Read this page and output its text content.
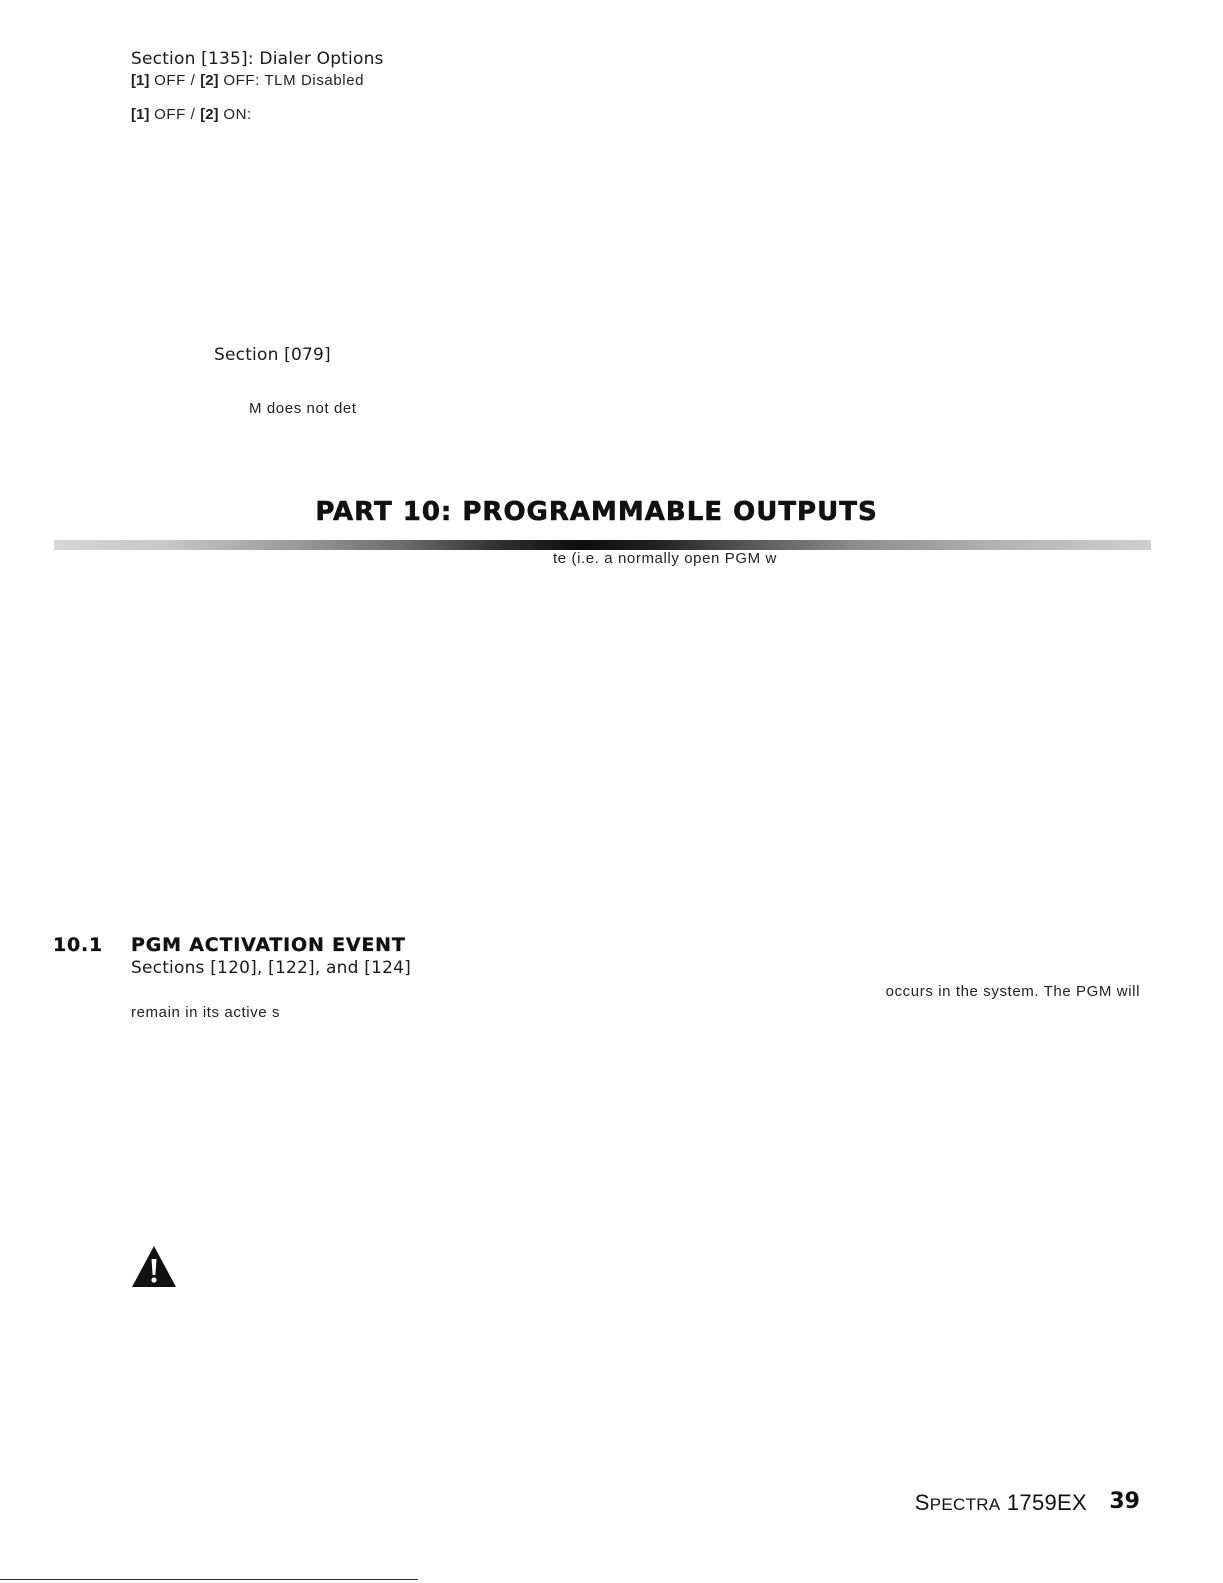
Section [135]: Dialer Options
[1] OFF / [2] OFF: TLM Disabled
[1] OFF / [2] ON:
Section [079]
M does not det
PART 10: PROGRAMMABLE OUTPUTS
te (i.e. a normally open PGM w
10.1 PGM ACTIVATION EVENT
Sections [120], [122], and [124]
occurs in the system. The PGM will
remain in its active s
SPECTRA 1759EX 39
